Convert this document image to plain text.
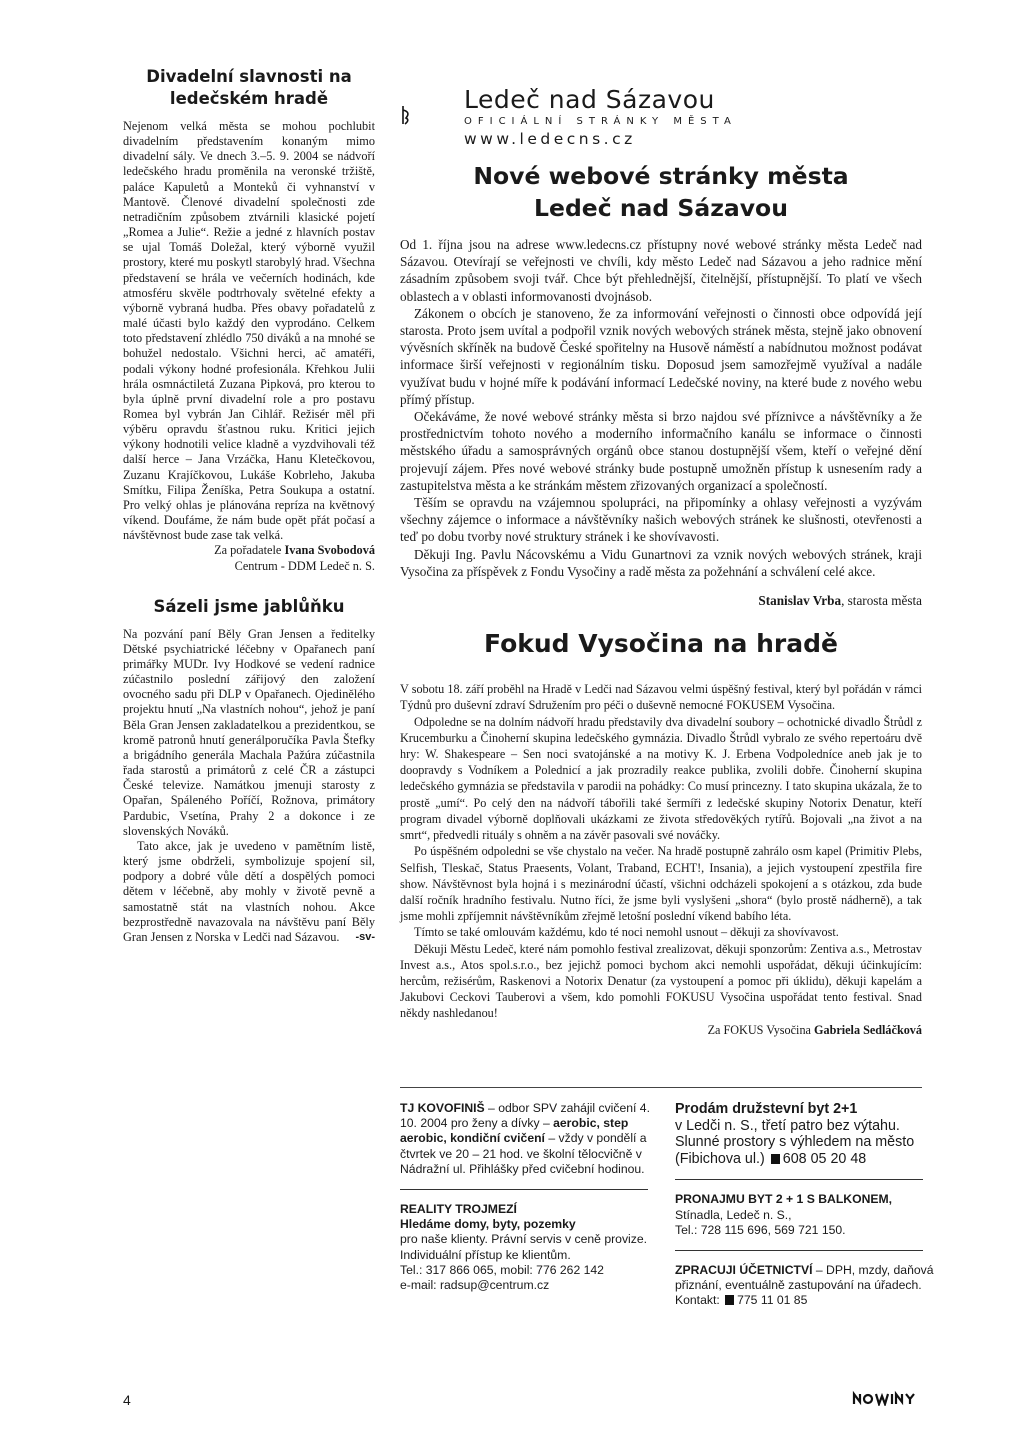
Divadelní slavnosti na ledečském hradě

Nejenom velká města se mohou pochlubit divadelním představením konaným mimo divadelní sály. Ve dnech 3.–5. 9. 2004 se nádvoří ledečského hradu proměnila na veronské tržiště, paláce Kapuletů a Monteků či vyhnanství v Mantově. Členové divadelní společnosti zde netradičním způsobem ztvárnili klasické pojetí „Romea a Julie“. Režie a jedné z hlavních postav se ujal Tomáš Doležal, který výborně využil prostory, které mu poskytl starobylý hrad. Všechna představení se hrála ve večerních hodinách, kde atmosféru skvěle podtrhovaly světelné efekty a výborně vybraná hudba. Přes obavy pořadatelů z malé účasti bylo každý den vyprodáno. Celkem toto představení zhlédlo 750 diváků a na mnohé se bohužel nedostalo. Všichni herci, ač amatéři, podali výkony hodné profesionála. Křehkou Julii hrála osmnáctiletá Zuzana Pipková, pro kterou to byla úplně první divadelní role a pro postavu Romea byl vybrán Jan Cihlář. Režisér měl při výběru opravdu šťastnou ruku. Kritici jejich výkony hodnotili velice kladně a vyzdvihovali též další herce – Jana Vrzáčka, Hanu Kletečkovou, Zuzanu Krajíčkovou, Lukáše Kobrleho, Jakuba Smítku, Filipa Ženíška, Petra Soukupa a ostatní. Pro velký ohlas je plánována repríza na květnový víkend. Doufáme, že nám bude opět přát počasí a návštěvnost bude zase tak velká.

Za pořadatele Ivana Svobodová

Centrum - DDM Ledeč n. S.

Sázeli jsme jablůňku

Na pozvání paní Běly Gran Jensen a ředitelky Dětské psychiatrické léčebny v Opařanech paní primářky MUDr. Ivy Hodkové se vedení radnice zúčastnilo poslední zářijový den založení ovocného sadu při DLP v Opařanech. Ojedinělého projektu hnutí „Na vlastních nohou“, jehož je paní Běla Gran Jensen zakladatelkou a prezidentkou, se kromě patronů hnutí generálporučíka Pavla Štefky a brigádního generála Machala Pažúra zúčastnila řada starostů a primátorů z celé ČR a zástupci České televize. Namátkou jmenuji starosty z Opařan, Spáleného Poříčí, Rožnova, primátory Pardubic, Vsetína, Prahy 2 a dokonce i ze slovenských Nováků.

Tato akce, jak je uvedeno v pamětním listě, který jsme obdrželi, symbolizuje spojení sil, podpory a dobré vůle dětí a dospělých pomoci dětem v léčebně, aby mohly v životě pevně a samostatně stát na vlastních nohou. Akce bezprostředně navazovala na návštěvu paní Běly Gran Jensen z Norska v Ledči nad Sázavou.	-sv-

Ledeč nad Sázavou
OFICIÁLNÍ STRÁNKY MĚSTA
www.ledecns.cz
Nové webové stránky města
Ledeč nad Sázavou

Od 1. října jsou na adrese www.ledecns.cz přístupny nové webové stránky města Ledeč nad Sázavou. Otevírají se veřejnosti ve chvíli, kdy město Ledeč nad Sázavou a jeho radnice mění zásadním způsobem svoji tvář. Chce být přehlednější, čitelnější, přístupnější. To platí ve všech oblastech a v oblasti informovanosti dvojnásob.

Zákonem o obcích je stanoveno, že za informování veřejnosti o činnosti obce odpovídá její starosta. Proto jsem uvítal a podpořil vznik nových webových stránek města, stejně jako obnovení vývěsních skříněk na budově České spořitelny na Husově náměstí a nabídnutou možnost podávat informace širší veřejnosti v regionálním tisku. Doposud jsem samozřejmě využíval a nadále využívat budu v hojné míře k podávání informací Ledečské noviny, na které bude z nového webu přímý přístup.

Očekáváme, že nové webové stránky města si brzo najdou své příznivce a návštěvníky a že prostřednictvím tohoto nového a moderního informačního kanálu se informace o činnosti městského úřadu a samosprávných orgánů obce stanou dostupnější všem, kteří o veřejné dění projevují zájem. Přes nové webové stránky bude postupně umožněn přístup k usnesením rady a zastupitelstva města a ke stránkám městem zřizovaných organizací a společností.

Těším se opravdu na vzájemnou spolupráci, na připomínky a ohlasy veřejnosti a vyzývám všechny zájemce o informace a návštěvníky našich webových stránek ke slušnosti, otevřenosti a teď po dobu tvorby nové struktury stránek i ke shovívavosti.

Děkuji Ing. Pavlu Nácovskému a Vidu Gunartnovi za vznik nových webových stránek, kraji Vysočina za příspěvek z Fondu Vysočiny a radě města za požehnání a schválení celé akce.

Stanislav Vrba, starosta města

Fokud Vysočina na hradě

V sobotu 18. září proběhl na Hradě v Ledči nad Sázavou velmi úspěšný festival, který byl pořádán v rámci Týdnů pro duševní zdraví Sdružením pro péči o duševně nemocné FOKUSEM Vysočina.

Odpoledne se na dolním nádvoří hradu představily dva divadelní soubory – ochotnické divadlo Štrůdl z Krucemburku a Činoherní skupina ledečského gymnázia. Divadlo Štrůdl vybralo ze svého repertoáru dvě hry: W. Shakespeare – Sen noci svatojánské a na motivy K. J. Erbena Vodpoledníce aneb jak je to doopravdy s Vodníkem a Polednicí a jak prozradily reakce publika, zvolili dobře. Činoherní skupina ledečského gymnázia se představila v parodii na pohádky: Co musí princezny. I tato skupina ukázala, že to prostě „umí“. Po celý den na nádvoří tábořili také šermíři z ledečské skupiny Notorix Denatur, kteří program divadel výborně doplňovali ukázkami ze života středověkých rytířů. Bojovali „na život a na smrt“, předvedli rituály s ohněm a na závěr pasovali své nováčky.

Po úspěšném odpoledni se vše chystalo na večer. Na hradě postupně zahrálo osm kapel (Primitiv Plebs, Selfish, Tleskač, Status Praesents, Volant, Traband, ECHT!, Insania), a jejich vystoupení zpestřila fire show. Návštěvnost byla hojná i s mezinárodní účastí, všichni odcházeli spokojení a s otázkou, zda bude další ročník hradního festivalu. Nutno říci, že jsme byli vyslyšeni „shora“ (bylo prostě nádherně), a tak jsme mohli zpříjemnit návštěvníkům zřejmě letošní poslední víkend babího léta.

Tímto se také omlouvám každému, kdo té noci nemohl usnout – děkuji za shovívavost.

Děkuji Městu Ledeč, které nám pomohlo festival zrealizovat, děkuji sponzorům: Zentiva a.s., Metrostav Invest a.s., Atos spol.s.r.o., bez jejichž pomoci bychom akci nemohli uspořádat, děkuji účinkujícím: hercům, režisérům, Raskenovi a Notorix Denatur (za vystoupení a pomoc při úklidu), děkuji kapelám a Jakubovi Ceckovi Tauberovi a všem, kdo pomohli FOKUSU Vysočina uspořádat tento festival. Snad někdy nashledanou!

Za FOKUS Vysočina Gabriela Sedláčková

TJ KOVOFINIŠ – odbor SPV zahájil cvičení 4. 10. 2004 pro ženy a dívky – aerobic, step aerobic, kondiční cvičení – vždy v pondělí a čtvrtek ve 20 – 21 hod. ve školní tělocvičně v Nádražní ul. Přihlášky před cvičební hodinou.

REALITY TROJMEZÍ

Hledáme domy, byty, pozemky

pro naše klienty. Právní servis v ceně provize. Individuální přístup ke klientům.

Tel.: 317 866 065, mobil: 776 262 142

e-mail: radsup@centrum.cz

Prodám družstevní byt 2+1

v Ledči n. S., třetí patro bez výtahu. Slunné prostory s výhledem na město (Fibichova ul.) 608 05 20 48

PRONAJMU BYT 2 + 1 S BALKONEM,

Stínadla, Ledeč n. S.,

Tel.: 728 115 696, 569 721 150.

ZPRACUJI ÚČETNICTVÍ – DPH, mzdy, daňová přiznání, eventuálně zastupování na úřadech. Kontakt: 775 11 01 85

4
